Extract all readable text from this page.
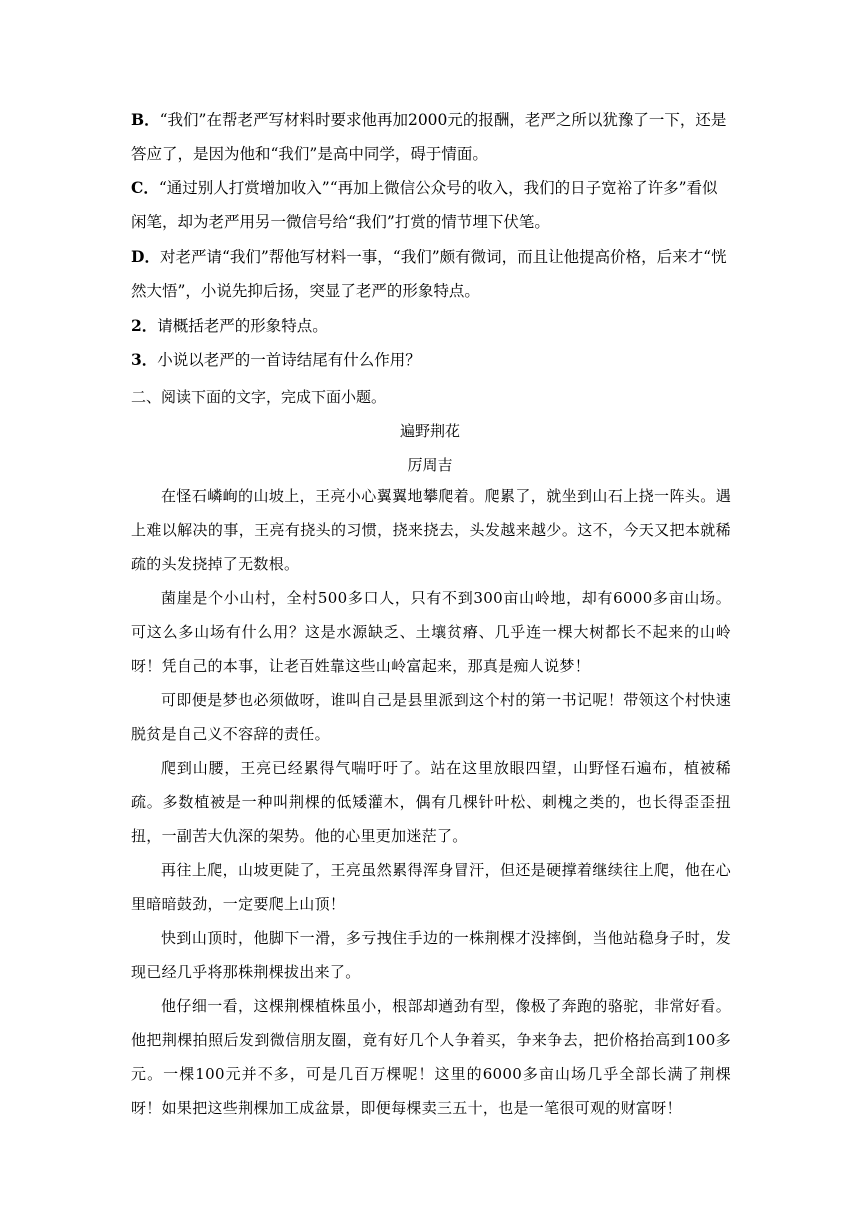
B．“我们”在帮老严写材料时要求他再加2000元的报酬，老严之所以犹豫了一下，还是答应了，是因为他和“我们”是高中同学，碍于情面。
C．“通过别人打赏增加收入”“再加上微信公众号的收入，我们的日子宽裕了许多”看似闲笔，却为老严用另一微信号给“我们”打赏的情节埋下伏笔。
D．对老严请“我们”帮他写材料一事，“我们”颇有微词，而且让他提高价格，后来才“恍然大悟”，小说先抑后扬，突显了老严的形象特点。
2．请概括老严的形象特点。
3．小说以老严的一首诗结尾有什么作用？
二、阅读下面的文字，完成下面小题。
遍野荆花
厉周吉

在怪石嶙峋的山坡上，王亮小心翼翼地攀爬着。爬累了，就坐到山石上挠一阵头。遇上难以解决的事，王亮有挠头的习惯，挠来挠去，头发越来越少。这不，今天又把本就稀疏的头发挠掉了无数根。

菌崖是个小山村，全村500多口人，只有不到300亩山岭地，却有6000多亩山场。可这么多山场有什么用？这是水源缺乏、土壤贫瘠、几乎连一棵大树都长不起来的山岭呀！凭自己的本事，让老百姓靠这些山岭富起来，那真是痴人说梦！

可即便是梦也必须做呀，谁叫自己是县里派到这个村的第一书记呢！带领这个村快速脱贫是自己义不容辞的责任。

爬到山腰，王亮已经累得气喘吁吁了。站在这里放眼四望，山野怪石遍布，植被稀疏。多数植被是一种叫荆棵的低矮灌木，偶有几棵针叶松、刺槐之类的，也长得歪歪扭扭，一副苦大仇深的架势。他的心里更加迷茫了。

再往上爬，山坡更陡了，王亮虽然累得浑身冒汗，但还是硬撑着继续往上爬，他在心里暗暗鼓劲，一定要爬上山顶！

快到山顶时，他脚下一滑，多亏拽住手边的一株荆棵才没摔倒，当他站稳身子时，发现已经几乎将那株荆棵拔出来了。

他仔细一看，这棵荆棵植株虽小，根部却遒劲有型，像极了奔跑的骆驼，非常好看。他把荆棵拍照后发到微信朋友圈，竟有好几个人争着买，争来争去，把价格抬高到100多元。一棵100元并不多，可是几百万棵呢！这里的6000多亩山场几乎全部长满了荆棵呀！如果把这些荆棵加工成盆景，即便每棵卖三五十，也是一笔很可观的财富呀！
